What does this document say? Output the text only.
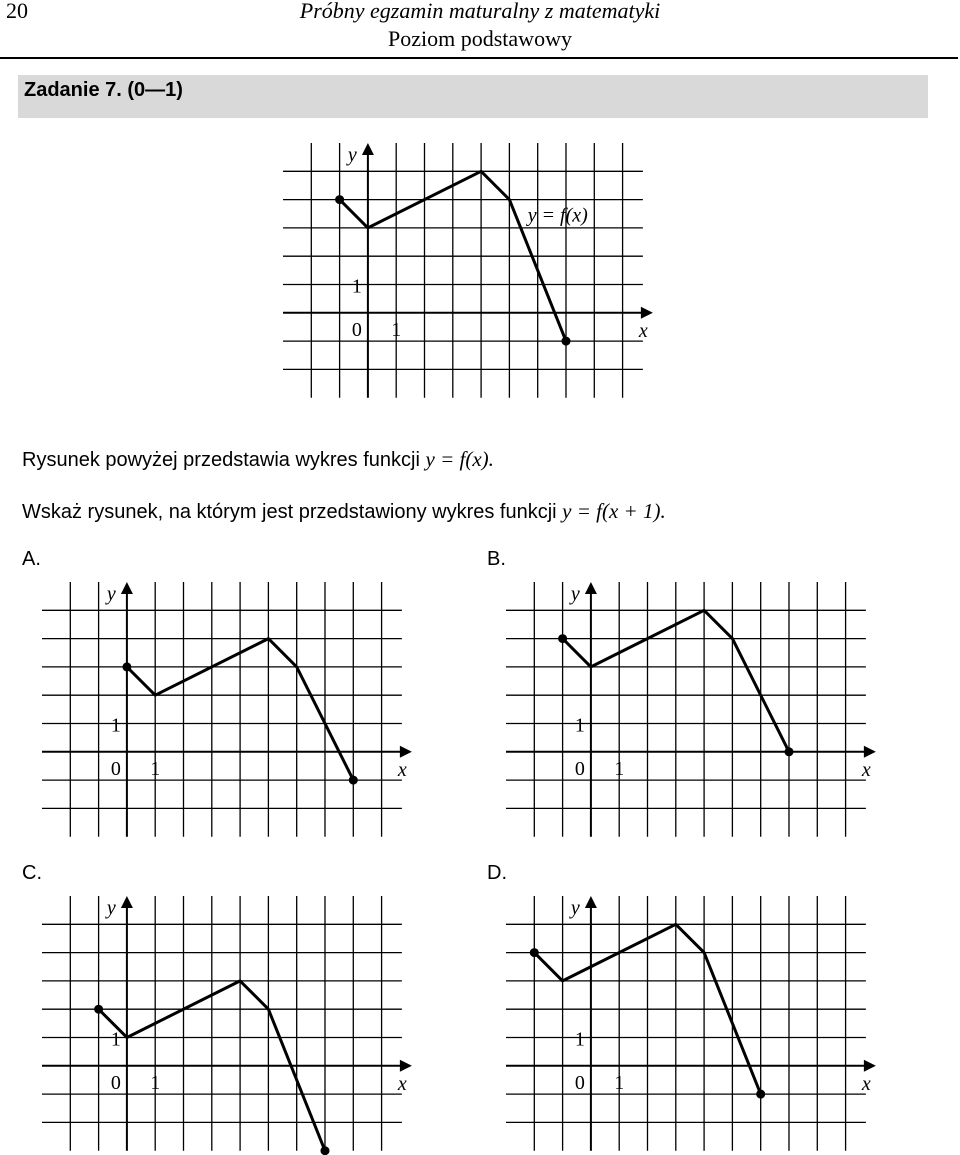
20	Próbny egzamin maturalny z matematyki
Poziom podstawowy
Zadanie 7. (0—1)
y
x
0 1
1
y = f(x)
Rysunek powyżej przedstawia wykres funkcji y = f(x).
Wskaż rysunek, na którym jest przedstawiony wykres funkcji y = f(x + 1).
A.	B.
C.	D.
y
x
0 1
1
y
x
0 1
1
y
x
0 1
1
y
x
0 1
1
